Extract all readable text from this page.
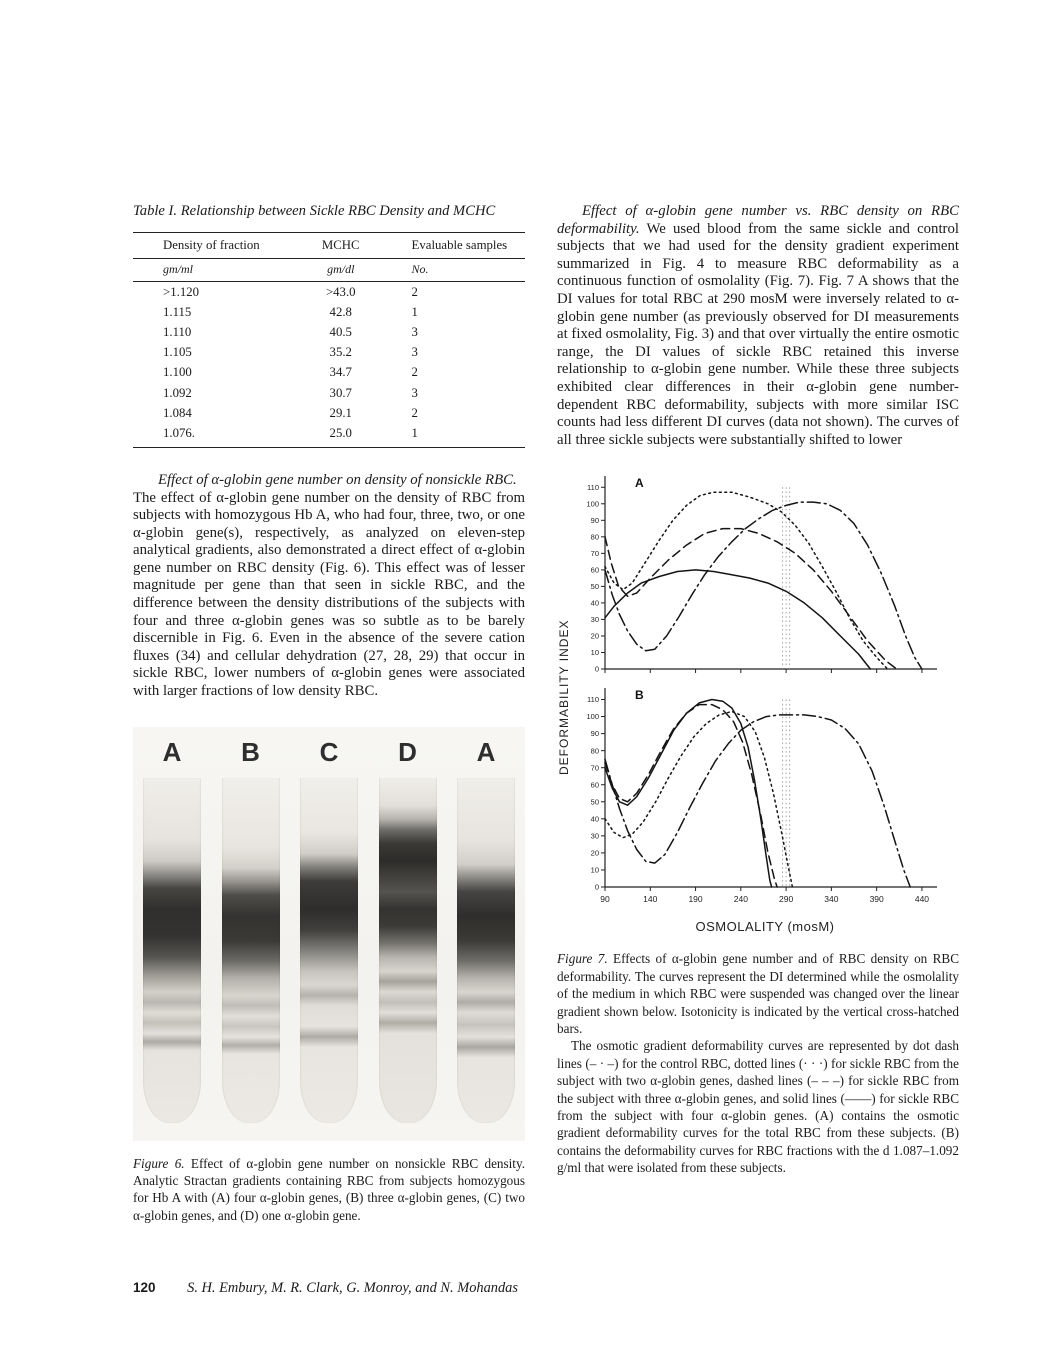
Table I. Relationship between Sickle RBC Density and MCHC
Density of fraction	MCHC	Evaluable samples
gm/ml	gm/dl	No.
>1.120	>43.0	2
1.115	42.8	1
1.110	40.5	3
1.105	35.2	3
1.100	34.7	2
1.092	30.7	3
1.084	29.1	2
1.076.	25.0	1
Effect of α-globin gene number on density of nonsickle RBC.
The effect of α-globin gene number on the density of RBC from subjects with homozygous Hb A, who had four, three, two, or one α-globin gene(s), respectively, as analyzed on eleven-step analytical gradients, also demonstrated a direct effect of α-globin gene number on RBC density (Fig. 6). This effect was of lesser magnitude per gene than that seen in sickle RBC, and the difference between the density distributions of the subjects with four and three α-globin genes was so subtle as to be barely discernible in Fig. 6. Even in the absence of the severe cation fluxes (34) and cellular dehydration (27, 28, 29) that occur in sickle RBC, lower numbers of α-globin genes were associated with larger fractions of low density RBC.
A	B	C	D	A
Figure 6. Effect of α-globin gene number on nonsickle RBC density. Analytic Stractan gradients containing RBC from subjects homozygous for Hb A with (A) four α-globin genes, (B) three α-globin genes, (C) two α-globin genes, and (D) one α-globin gene.
Effect of α-globin gene number vs. RBC density on RBC deformability. We used blood from the same sickle and control subjects that we had used for the density gradient experiment summarized in Fig. 4 to measure RBC deformability as a continuous function of osmolality (Fig. 7). Fig. 7 A shows that the DI values for total RBC at 290 mosM were inversely related to α-globin gene number (as previously observed for DI measurements at fixed osmolality, Fig. 3) and that over virtually the entire osmotic range, the DI values of sickle RBC retained this inverse relationship to α-globin gene number. While these three subjects exhibited clear differences in their α-globin gene number-dependent RBC deformability, subjects with more similar ISC counts had less different DI curves (data not shown). The curves of all three sickle subjects were substantially shifted to lower
DEFORMABILITY INDEX	0
10
20
30
40
50
60
70
80
90
100
110	A
0
10
20
30
40
50
60
70
80
90
100
110
90	140	190	240	290	340	390	440
B
OSMOLALITY (mosM)
Figure 7. Effects of α-globin gene number and of RBC density on RBC deformability. The curves represent the DI determined while the osmolality of the medium in which RBC were suspended was changed over the linear gradient shown below. Isotonicity is indicated by the vertical cross-hatched bars.
The osmotic gradient deformability curves are represented by dot dash lines (– · –) for the control RBC, dotted lines (· · ·) for sickle RBC from the subject with two α-globin genes, dashed lines (– – –) for sickle RBC from the subject with three α-globin genes, and solid lines (——) for sickle RBC from the subject with four α-globin genes. (A) contains the osmotic gradient deformability curves for the total RBC from these subjects. (B) contains the deformability curves for RBC fractions with the d 1.087–1.092 g/ml that were isolated from these subjects.
120 S. H. Embury, M. R. Clark, G. Monroy, and N. Mohandas
